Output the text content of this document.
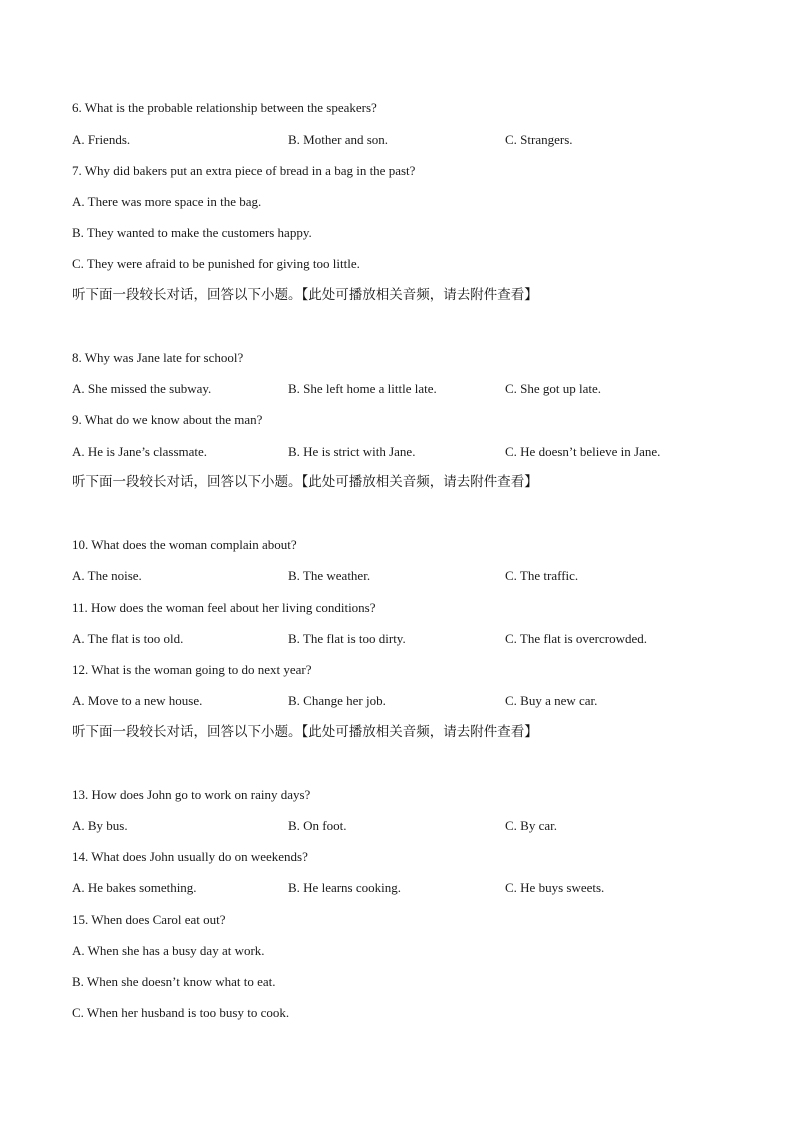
6. What is the probable relationship between the speakers?
A. Friends.	B. Mother and son.	C. Strangers.
7. Why did bakers put an extra piece of bread in a bag in the past?
A. There was more space in the bag.
B. They wanted to make the customers happy.
C. They were afraid to be punished for giving too little.
听下面一段较长对话，回答以下小题。【此处可播放相关音频，请去附件查看】
8. Why was Jane late for school?
A. She missed the subway.	B. She left home a little late.	C. She got up late.
9. What do we know about the man?
A. He is Jane’s classmate.	B. He is strict with Jane.	C. He doesn’t believe in Jane.
听下面一段较长对话，回答以下小题。【此处可播放相关音频，请去附件查看】
10. What does the woman complain about?
A. The noise.	B. The weather.	C. The traffic.
11. How does the woman feel about her living conditions?
A. The flat is too old.	B. The flat is too dirty.	C. The flat is overcrowded.
12. What is the woman going to do next year?
A. Move to a new house.	B. Change her job.	C. Buy a new car.
听下面一段较长对话，回答以下小题。【此处可播放相关音频，请去附件查看】
13. How does John go to work on rainy days?
A. By bus.	B. On foot.	C. By car.
14. What does John usually do on weekends?
A. He bakes something.	B. He learns cooking.	C. He buys sweets.
15. When does Carol eat out?
A. When she has a busy day at work.
B. When she doesn’t know what to eat.
C. When her husband is too busy to cook.
